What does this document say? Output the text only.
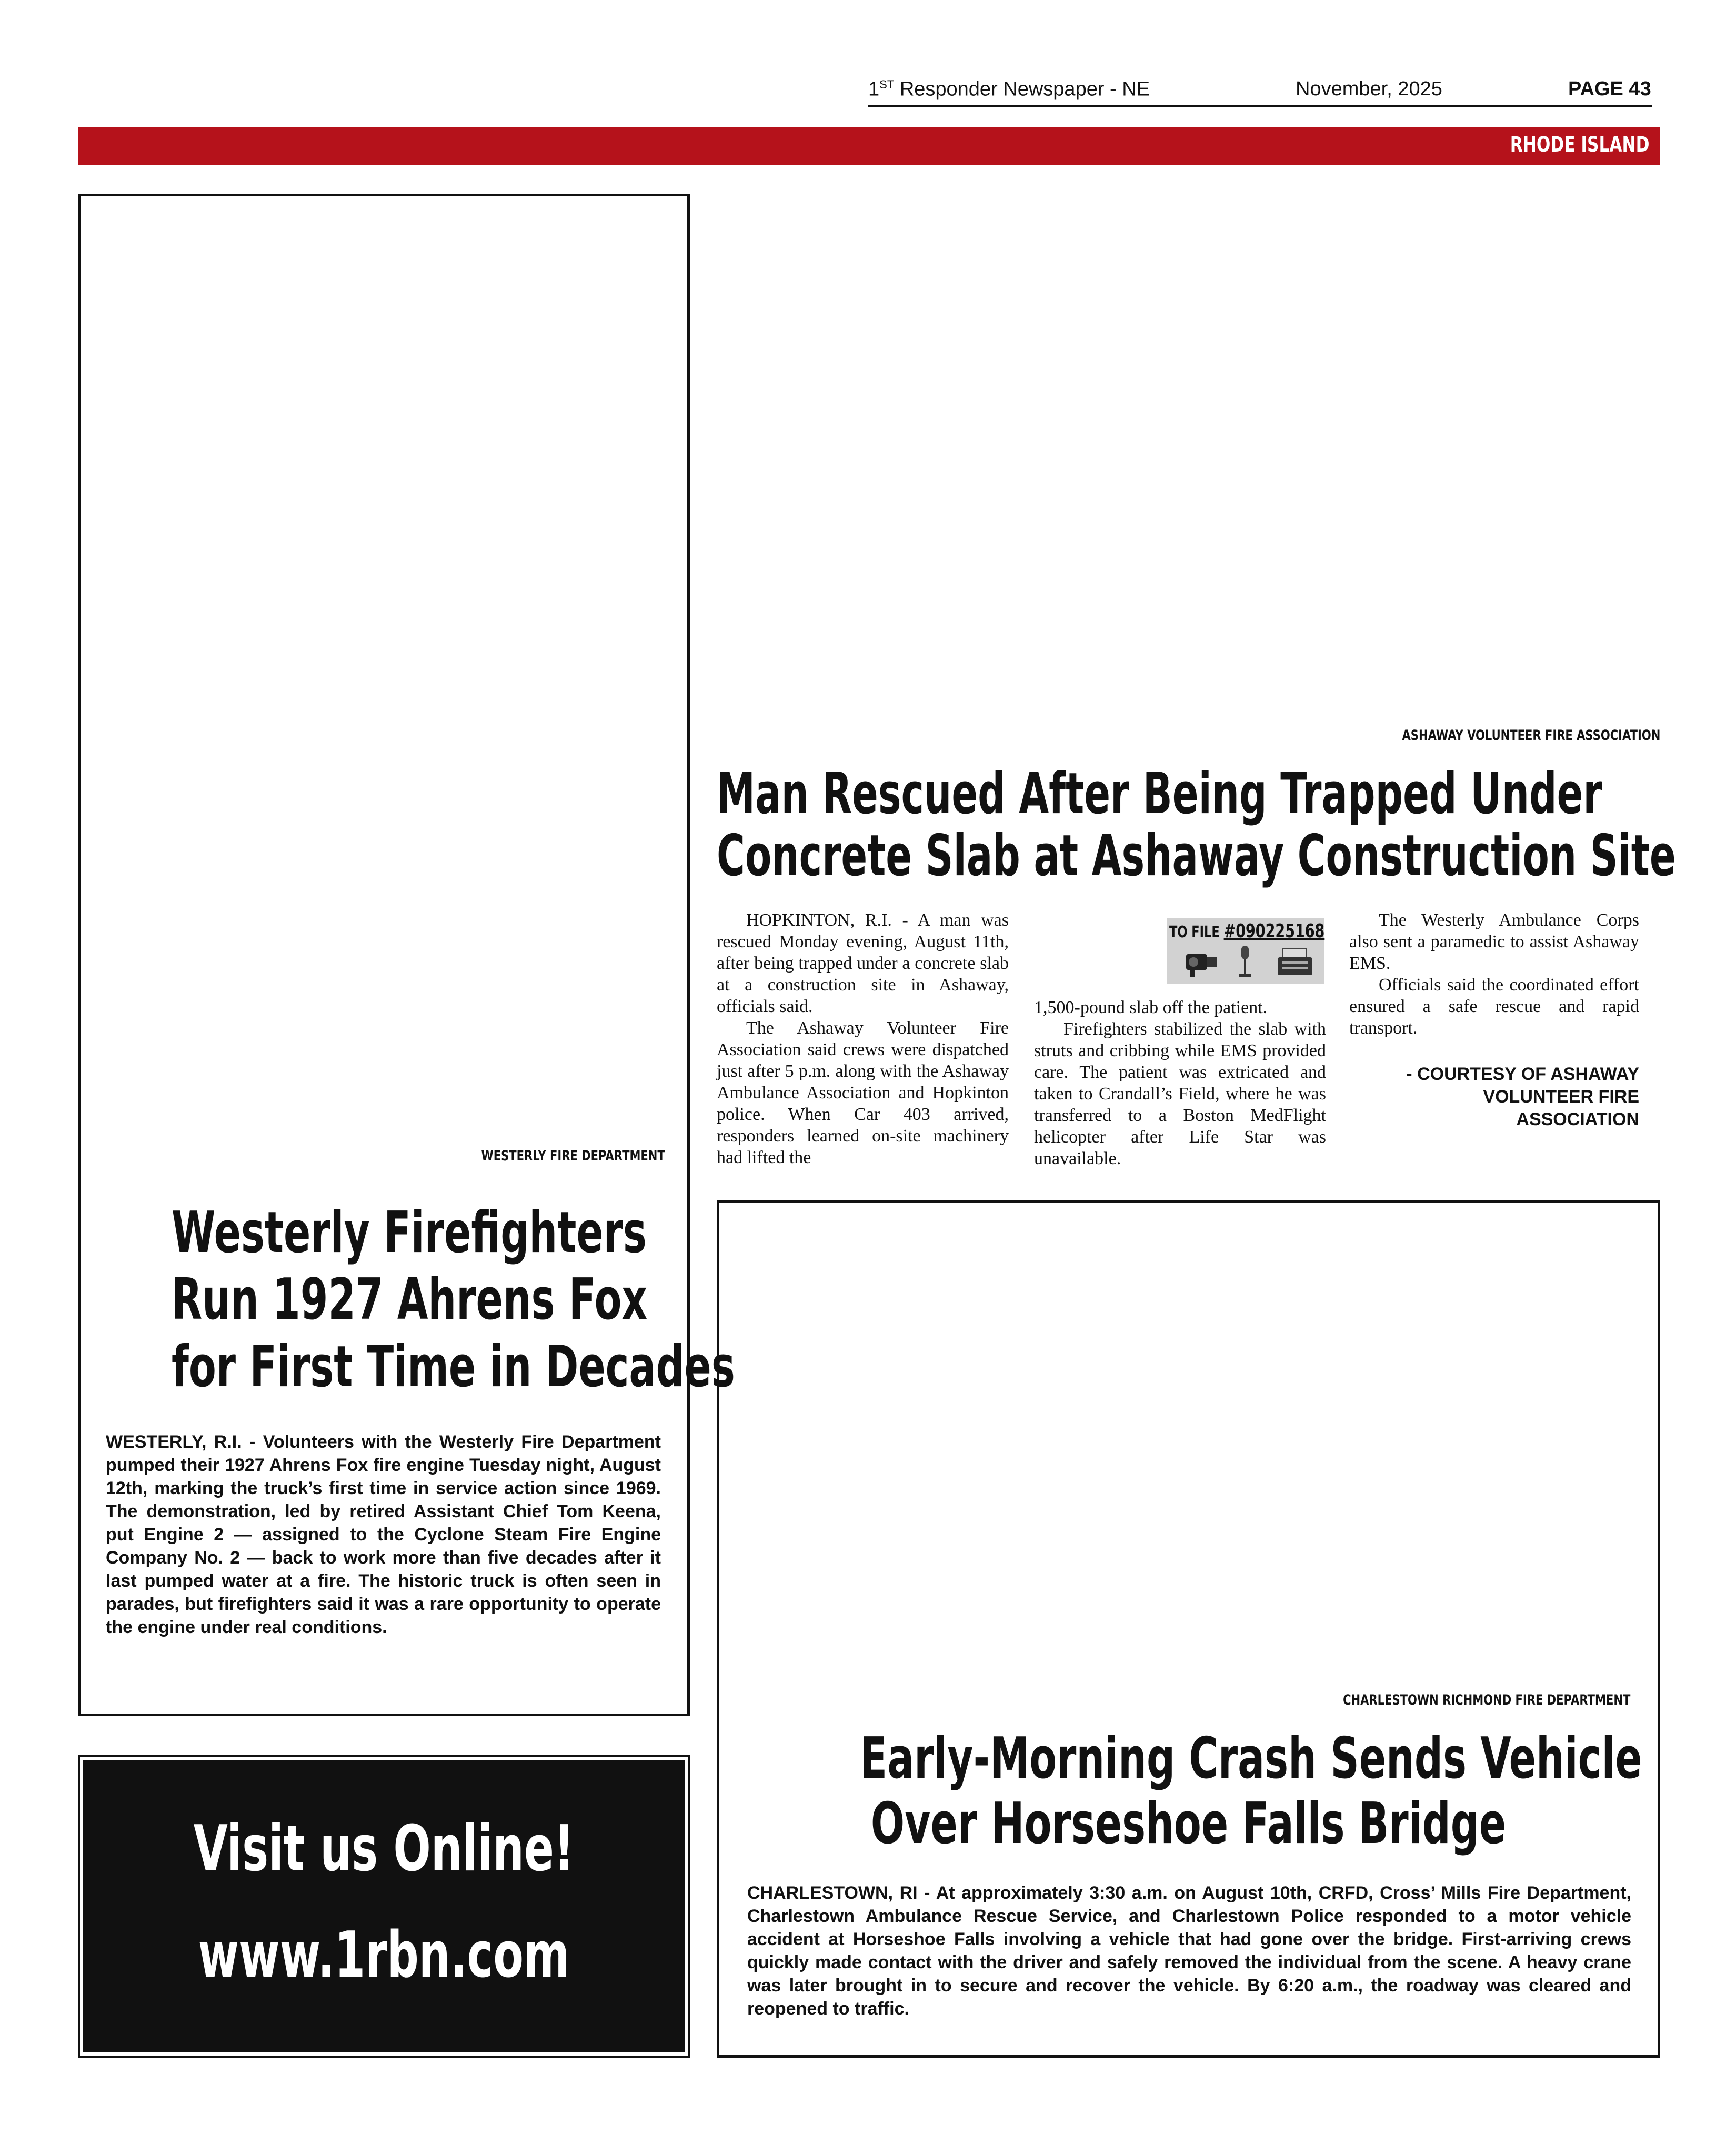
1ST Responder Newspaper - NE	November, 2025	PAGE 43
RHODE ISLAND
WESTERLY FIRE DEPARTMENT
Westerly Firefighters
Run 1927 Ahrens Fox
for First Time in Decades
WESTERLY, R.I. - Volunteers with the Westerly Fire Department pumped their 1927 Ahrens Fox fire engine Tuesday night, August 12th, marking the truck’s first time in service action since 1969. The demonstration, led by retired Assistant Chief Tom Keena, put Engine 2 — assigned to the Cyclone Steam Fire Engine Company No. 2 — back to work more than five decades after it last pumped water at a fire. The historic truck is often seen in parades, but firefighters said it was a rare opportunity to operate the engine under real conditions.
ASHAWAY VOLUNTEER FIRE ASSOCIATION
Man Rescued After Being Trapped Under
Concrete Slab at Ashaway Construction Site

HOPKINTON, R.I. - A man was rescued Monday evening, August 11th, after being trapped under a concrete slab at a construction site in Ashaway, officials said.

The Ashaway Volunteer Fire Association said crews were dispatched just after 5 p.m. along with the Ashaway Ambulance Association and Hopkinton police. When Car 403 arrived, responders learned on-site machinery had lifted the

TO FILE #090225168

1,500-pound slab off the patient.

Firefighters stabilized the slab with struts and cribbing while EMS provided care. The patient was extricated and taken to Crandall’s Field, where he was transferred to a Boston MedFlight helicopter after Life Star was unavailable.

The Westerly Ambulance Corps also sent a paramedic to assist Ashaway EMS.

Officials said the coordinated effort ensured a safe rescue and rapid transport.

- COURTESY OF ASHAWAY
VOLUNTEER FIRE
ASSOCIATION
Visit us Online!
www.1rbn.com
CHARLESTOWN RICHMOND FIRE DEPARTMENT
Early-Morning Crash Sends Vehicle
Over Horseshoe Falls Bridge
CHARLESTOWN, RI - At approximately 3:30 a.m. on August 10th, CRFD, Cross’ Mills Fire Department, Charlestown Ambulance Rescue Service, and Charlestown Police responded to a motor vehicle accident at Horseshoe Falls involving a vehicle that had gone over the bridge. First-arriving crews quickly made contact with the driver and safely removed the individual from the scene. A heavy crane was later brought in to secure and recover the vehicle. By 6:20 a.m., the roadway was cleared and reopened to traffic.
